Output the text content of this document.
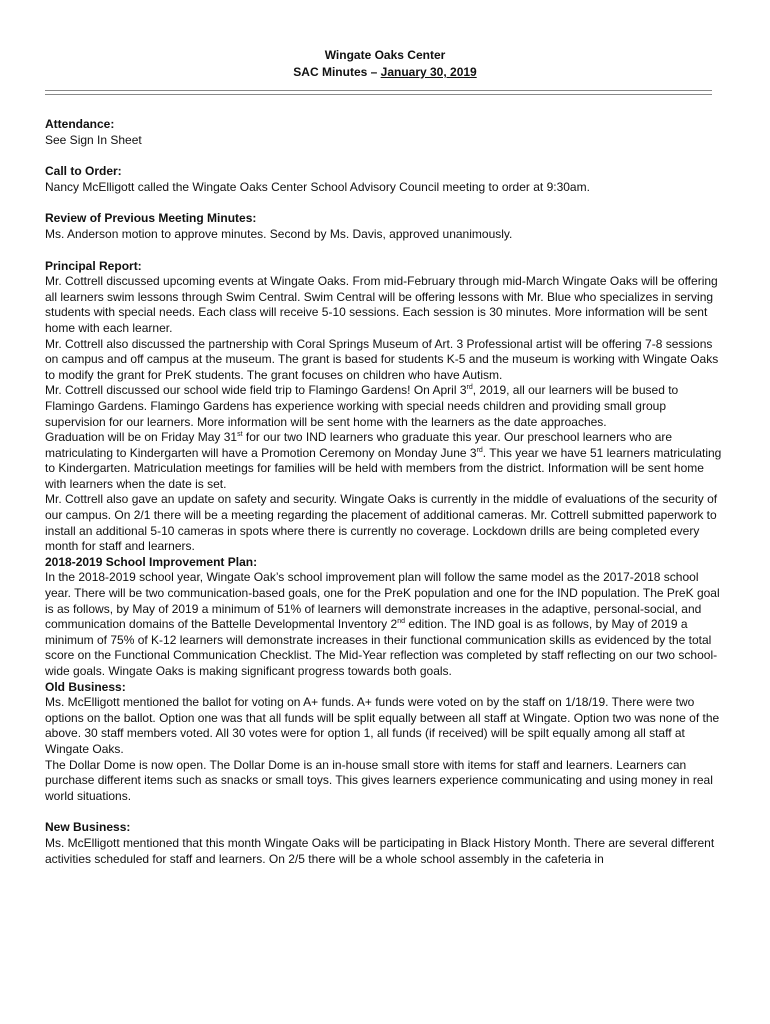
Wingate Oaks Center
SAC Minutes – January 30, 2019

Attendance:

See Sign In Sheet

Call to Order:

Nancy McElligott called the Wingate Oaks Center School Advisory Council meeting to order at 9:30am.

Review of Previous Meeting Minutes:

Ms. Anderson motion to approve minutes. Second by Ms. Davis, approved unanimously.

Principal Report:

Mr. Cottrell discussed upcoming events at Wingate Oaks. From mid-February through mid-March Wingate Oaks will be offering all learners swim lessons through Swim Central. Swim Central will be offering lessons with Mr. Blue who specializes in serving students with special needs. Each class will receive 5-10 sessions. Each session is 30 minutes. More information will be sent home with each learner.

Mr. Cottrell also discussed the partnership with Coral Springs Museum of Art. 3 Professional artist will be offering 7-8 sessions on campus and off campus at the museum. The grant is based for students K-5 and the museum is working with Wingate Oaks to modify the grant for PreK students. The grant focuses on children who have Autism.

Mr. Cottrell discussed our school wide field trip to Flamingo Gardens! On April 3rd, 2019, all our learners will be bused to Flamingo Gardens. Flamingo Gardens has experience working with special needs children and providing small group supervision for our learners. More information will be sent home with the learners as the date approaches.

Graduation will be on Friday May 31st for our two IND learners who graduate this year. Our preschool learners who are matriculating to Kindergarten will have a Promotion Ceremony on Monday June 3rd. This year we have 51 learners matriculating to Kindergarten. Matriculation meetings for families will be held with members from the district. Information will be sent home with learners when the date is set.

Mr. Cottrell also gave an update on safety and security. Wingate Oaks is currently in the middle of evaluations of the security of our campus. On 2/1 there will be a meeting regarding the placement of additional cameras. Mr. Cottrell submitted paperwork to install an additional 5-10 cameras in spots where there is currently no coverage. Lockdown drills are being completed every month for staff and learners.

2018-2019 School Improvement Plan:

In the 2018-2019 school year, Wingate Oak’s school improvement plan will follow the same model as the 2017-2018 school year. There will be two communication-based goals, one for the PreK population and one for the IND population. The PreK goal is as follows, by May of 2019 a minimum of 51% of learners will demonstrate increases in the adaptive, personal-social, and communication domains of the Battelle Developmental Inventory 2nd edition. The IND goal is as follows, by May of 2019 a minimum of 75% of K-12 learners will demonstrate increases in their functional communication skills as evidenced by the total score on the Functional Communication Checklist. The Mid-Year reflection was completed by staff reflecting on our two school-wide goals. Wingate Oaks is making significant progress towards both goals.

Old Business:

Ms. McElligott mentioned the ballot for voting on A+ funds. A+ funds were voted on by the staff on 1/18/19. There were two options on the ballot. Option one was that all funds will be split equally between all staff at Wingate. Option two was none of the above. 30 staff members voted. All 30 votes were for option 1, all funds (if received) will be spilt equally among all staff at Wingate Oaks.

The Dollar Dome is now open. The Dollar Dome is an in-house small store with items for staff and learners. Learners can purchase different items such as snacks or small toys. This gives learners experience communicating and using money in real world situations.

New Business:

Ms. McElligott mentioned that this month Wingate Oaks will be participating in Black History Month. There are several different activities scheduled for staff and learners. On 2/5 there will be a whole school assembly in the cafeteria in
